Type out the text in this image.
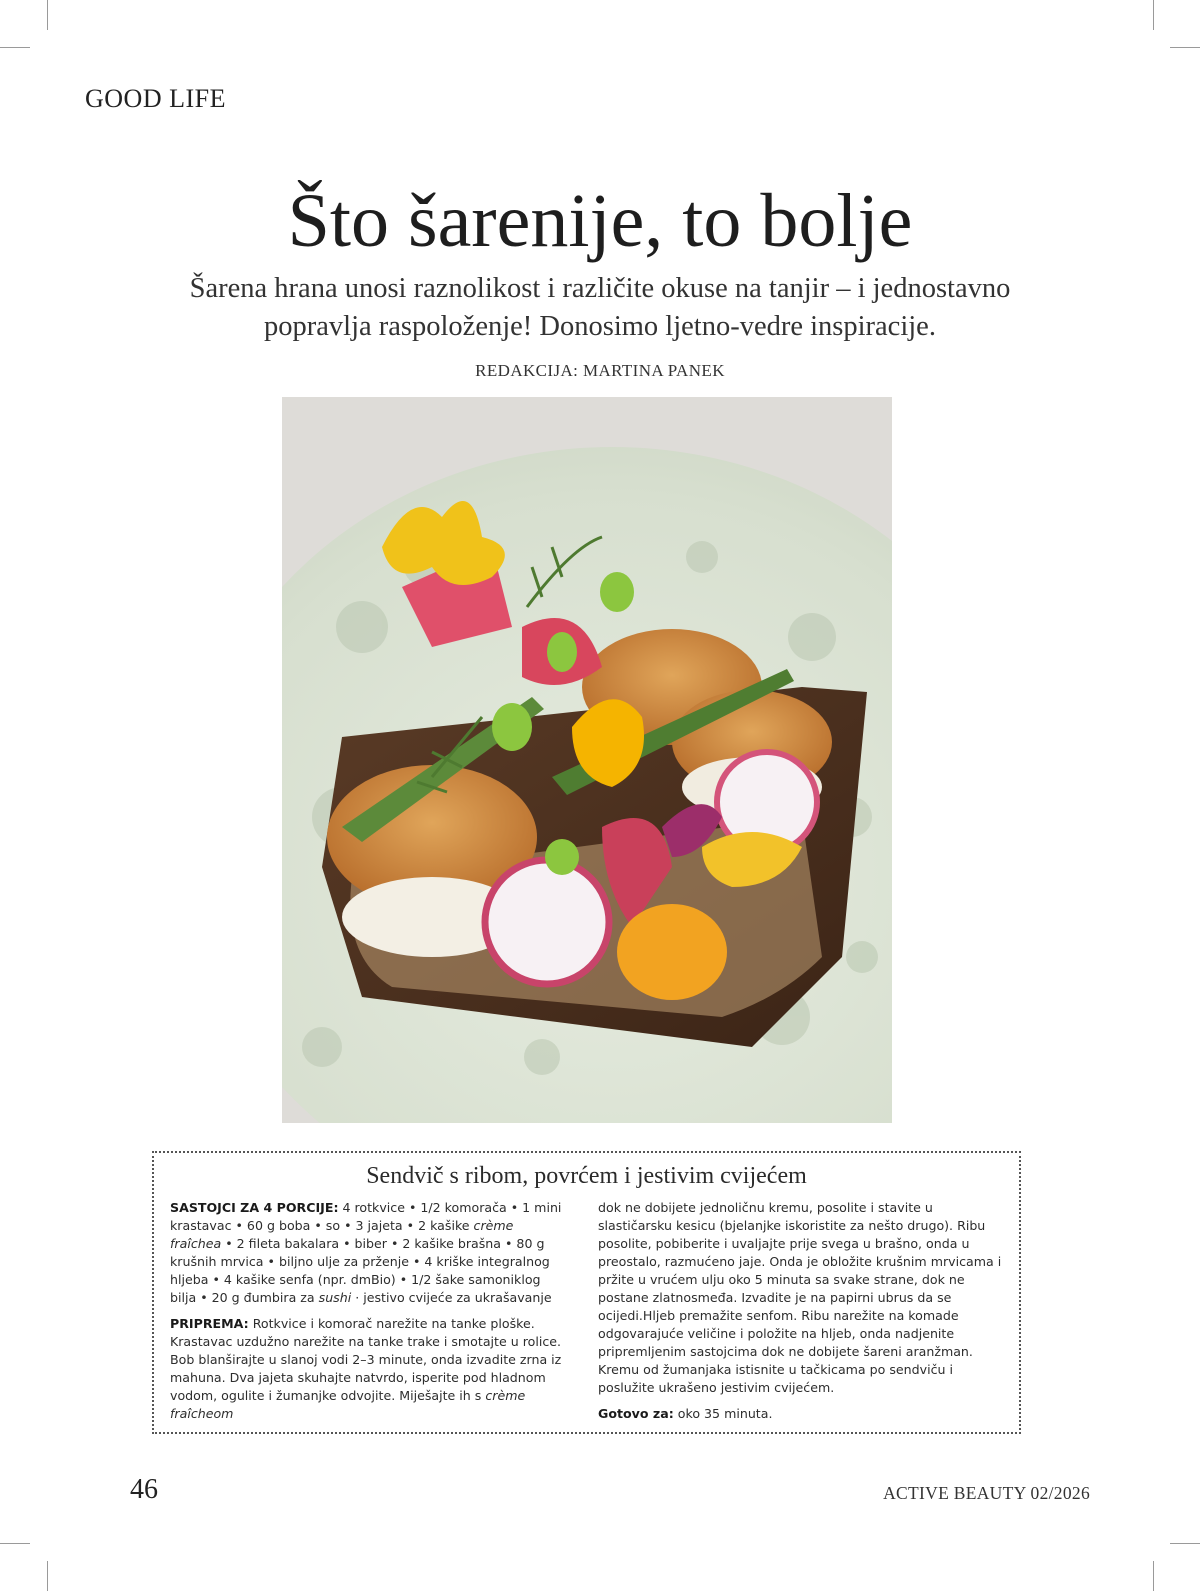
GOOD LIFE
Što šarenije, to bolje
Šarena hrana unosi raznolikost i različite okuse na tanjir – i jednostavno
popravlja raspoloženje! Donosimo ljetno-vedre inspiracije.
REDAKCIJA: MARTINA PANEK
Sendvič s ribom, povrćem i jestivim cvijećem

SASTOJCI ZA 4 PORCIJE: 4 rotkvice • 1/2 komorača • 1 mini krastavac • 60 g boba • so • 3 jajeta • 2 kašike crème fraîchea • 2 fileta bakalara • biber • 2 kašike brašna • 80 g krušnih mrvica • biljno ulje za prženje • 4 kriške integralnog hljeba • 4 kašike senfa (npr. dmBio) • 1/2 šake samoniklog bilja • 20 g đumbira za sushi · jestivo cvijeće za ukrašavanje

PRIPREMA: Rotkvice i komorač narežite na tanke ploške. Krastavac uzdužno narežite na tanke trake i smotajte u rolice. Bob blanširajte u slanoj vodi 2–3 minute, onda izvadite zrna iz mahuna. Dva jajeta skuhajte natvrdo, isperite pod hladnom vodom, ogulite i žumanjke odvojite. Miješajte ih s crème fraîcheom

dok ne dobijete jednoličnu kremu, posolite i stavite u slastičarsku kesicu (bjelanjke iskoristite za nešto drugo). Ribu posolite, pobiberite i uvaljajte prije svega u brašno, onda u preostalo, razmućeno jaje. Onda je obložite krušnim mrvicama i pržite u vrućem ulju oko 5 minuta sa svake strane, dok ne postane zlatnosmeđa. Izvadite je na papirni ubrus da se ocijedi.Hljeb premažite senfom. Ribu narežite na komade odgovarajuće veličine i položite na hljeb, onda nadjenite pripremljenim sastojcima dok ne dobijete šareni aranžman. Kremu od žumanjaka istisnite u tačkicama po sendviču i poslužite ukrašeno jestivim cvijećem.

Gotovo za: oko 35 minuta.

46	ACTIVE BEAUTY 02/2026
